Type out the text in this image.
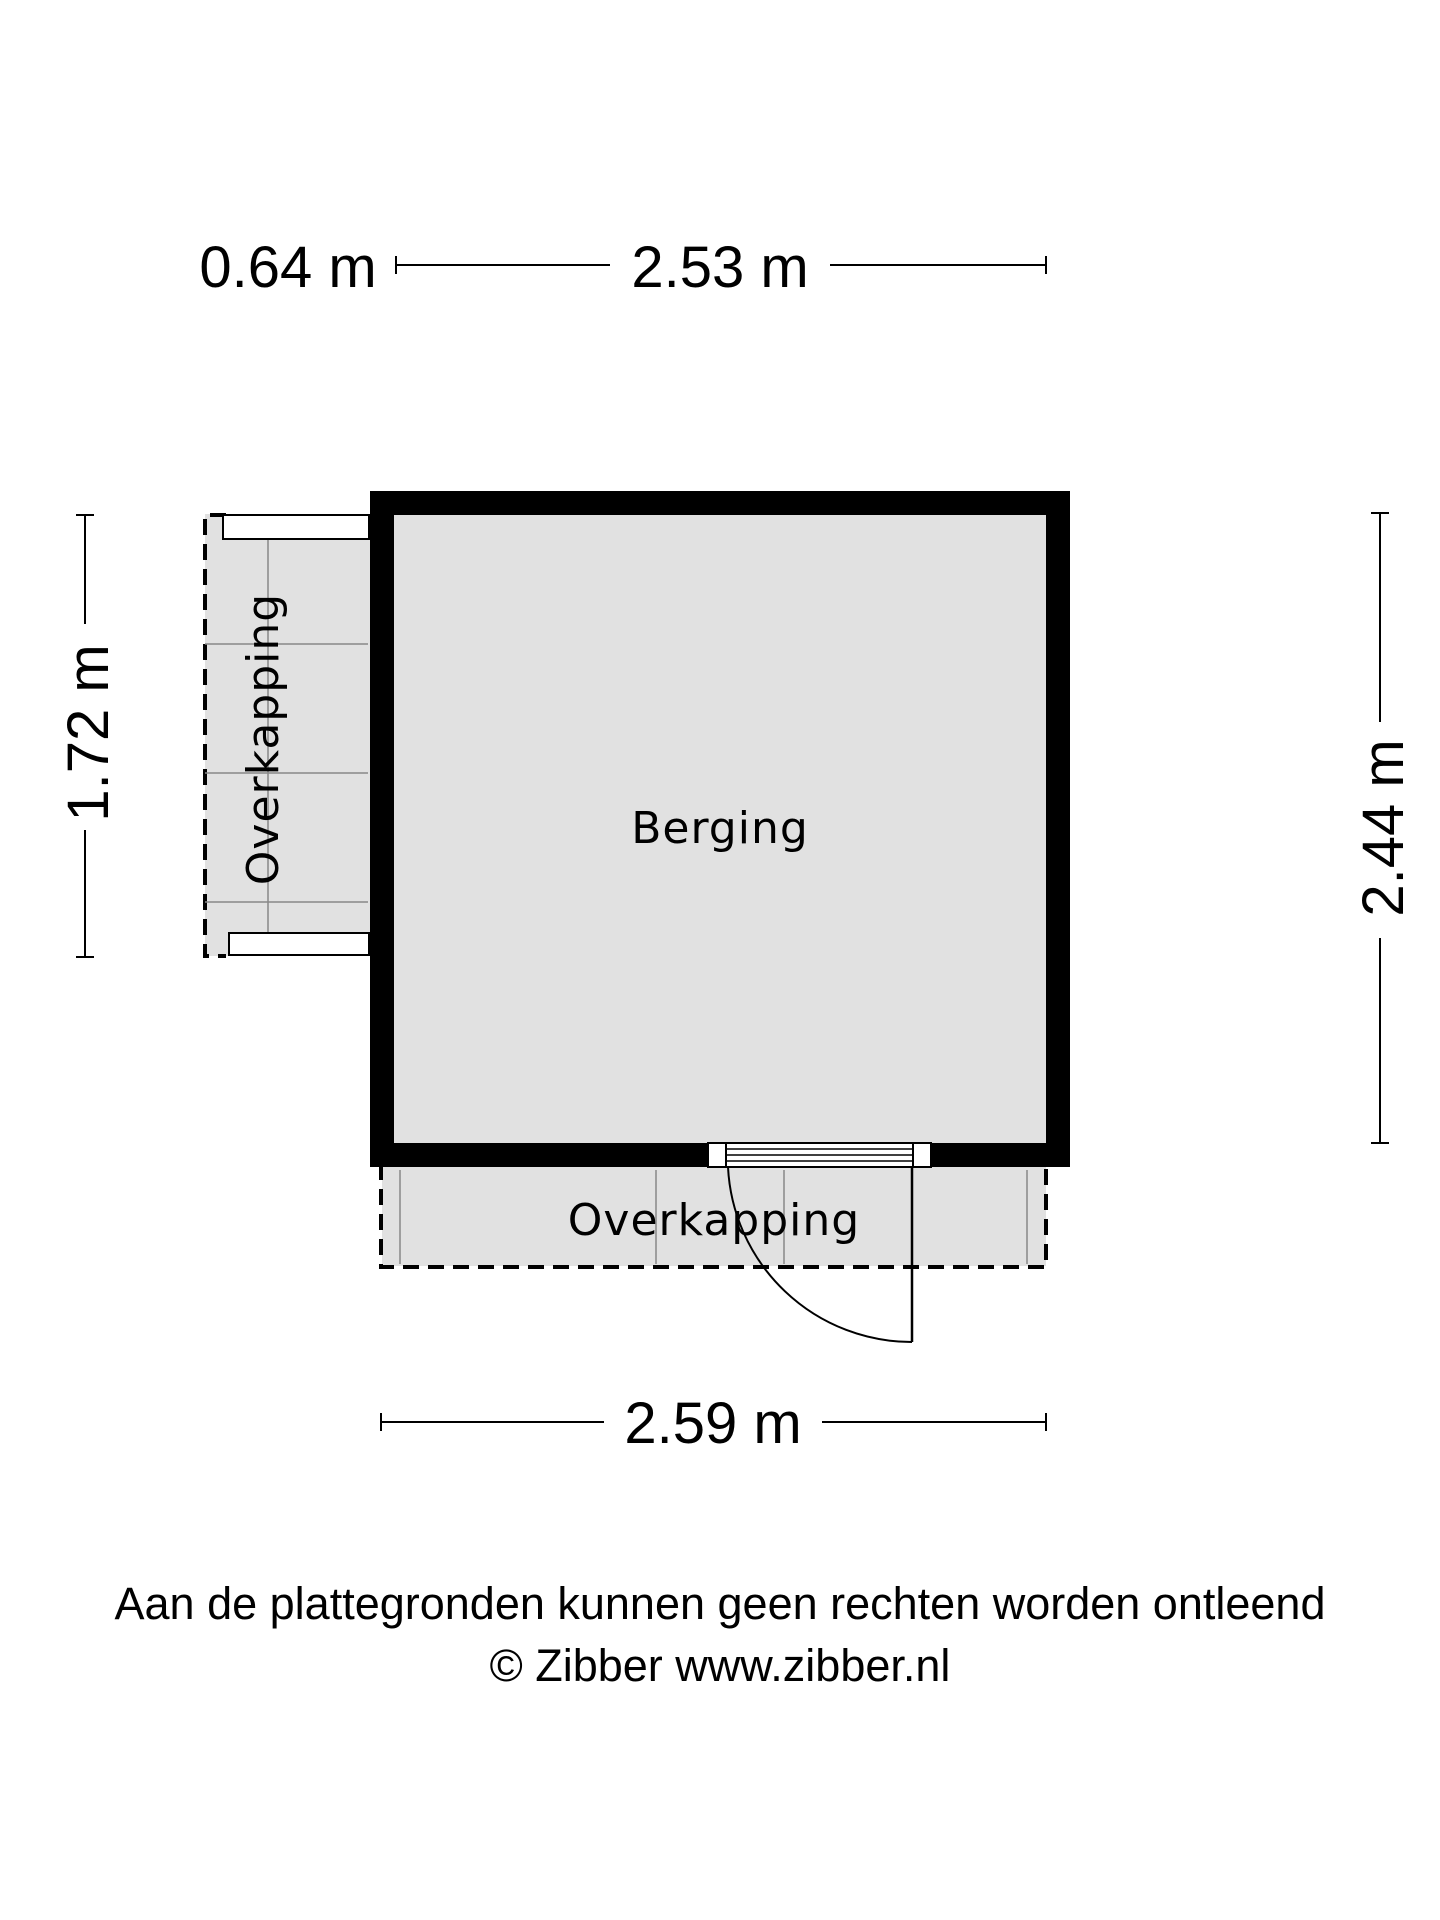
0.64 m	2.53 m
1.72 m
2.44 m
2.59 m
Overkapping	Berging
Overkapping
Aan de plattegronden kunnen geen rechten worden ontleend
© Zibber www.zibber.nl
